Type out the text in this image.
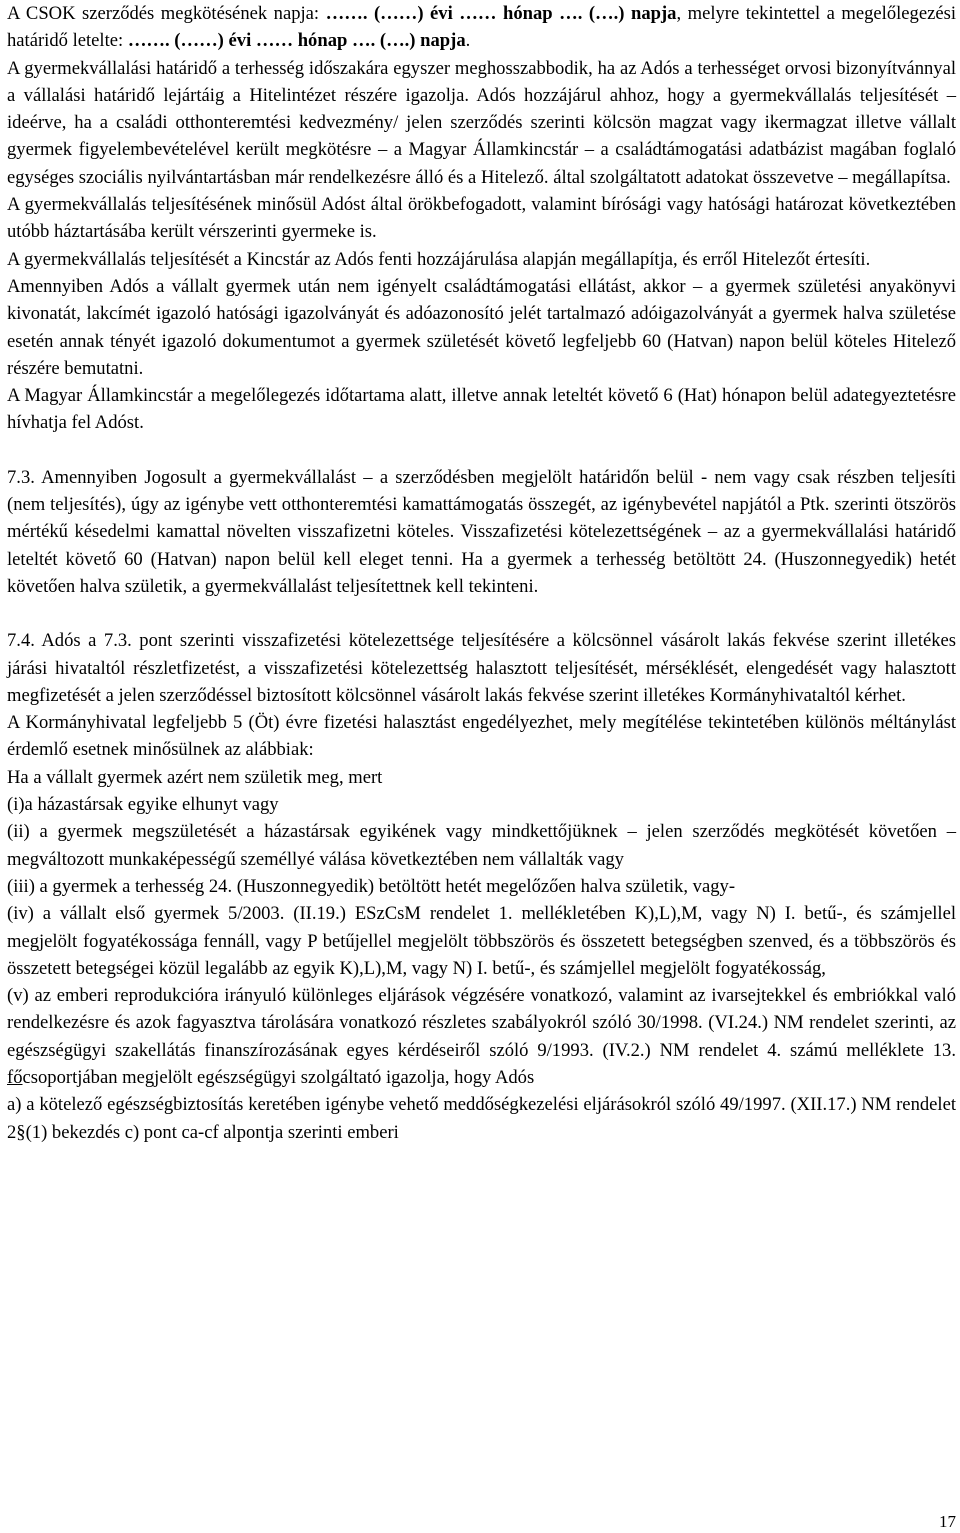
A CSOK szerződés megkötésének napja: ……. (……) évi …… hónap …. (….) napja, melyre tekintettel a megelőlegezési határidő letelte: ……. (……) évi …… hónap …. (….) napja.

A gyermekvállalási határidő a terhesség időszakára egyszer meghosszabbodik, ha az Adós a terhességet orvosi bizonyítvánnyal a vállalási határidő lejártáig a Hitelintézet részére igazolja. Adós hozzájárul ahhoz, hogy a gyermekvállalás teljesítését – ideérve, ha a családi otthonteremtési kedvezmény/ jelen szerződés szerinti kölcsön magzat vagy ikermagzat illetve vállalt gyermek figyelembevételével került megkötésre – a Magyar Államkincstár – a családtámogatási adatbázist magában foglaló egységes szociális nyilvántartásban már rendelkezésre álló és a Hitelező. által szolgáltatott adatokat összevetve – megállapítsa.

A gyermekvállalás teljesítésének minősül Adóst által örökbefogadott, valamint bírósági vagy hatósági határozat következtében utóbb háztartásába került vérszerinti gyermeke is.

A gyermekvállalás teljesítését a Kincstár az Adós fenti hozzájárulása alapján megállapítja, és erről Hitelezőt értesíti.

Amennyiben Adós a vállalt gyermek után nem igényelt családtámogatási ellátást, akkor – a gyermek születési anyakönyvi kivonatát, lakcímét igazoló hatósági igazolványát és adóazonosító jelét tartalmazó adóigazolványát a gyermek halva születése esetén annak tényét igazoló dokumentumot a gyermek születését követő legfeljebb 60 (Hatvan) napon belül köteles Hitelező részére bemutatni.

A Magyar Államkincstár a megelőlegezés időtartama alatt, illetve annak leteltét követő 6 (Hat) hónapon belül adategyeztetésre hívhatja fel Adóst.

7.3. Amennyiben Jogosult a gyermekvállalást – a szerződésben megjelölt határidőn belül - nem vagy csak részben teljesíti (nem teljesítés), úgy az igénybe vett otthonteremtési kamattámogatás összegét, az igénybevétel napjától a Ptk. szerinti ötszörös mértékű késedelmi kamattal növelten visszafizetni köteles. Visszafizetési kötelezettségének – az a gyermekvállalási határidő leteltét követő 60 (Hatvan) napon belül kell eleget tenni. Ha a gyermek a terhesség betöltött 24. (Huszonnegyedik) hetét követően halva születik, a gyermekvállalást teljesítettnek kell tekinteni.

7.4. Adós a 7.3. pont szerinti visszafizetési kötelezettsége teljesítésére a kölcsönnel vásárolt lakás fekvése szerint illetékes járási hivataltól részletfizetést, a visszafizetési kötelezettség halasztott teljesítését, mérséklését, elengedését vagy halasztott megfizetését a jelen szerződéssel biztosított kölcsönnel vásárolt lakás fekvése szerint illetékes Kormányhivataltól kérhet.

A Kormányhivatal legfeljebb 5 (Öt) évre fizetési halasztást engedélyezhet, mely megítélése tekintetében különös méltánylást érdemlő esetnek minősülnek az alábbiak:

Ha a vállalt gyermek azért nem születik meg, mert

(i)a házastársak egyike elhunyt vagy

(ii) a gyermek megszületését a házastársak egyikének vagy mindkettőjüknek – jelen szerződés megkötését követően – megváltozott munkaképességű személlyé válása következtében nem vállalták vagy

(iii) a gyermek a terhesség 24. (Huszonnegyedik) betöltött hetét megelőzően halva születik, vagy-

(iv) a vállalt első gyermek 5/2003. (II.19.) ESzCsM rendelet 1. mellékletében K),L),M, vagy N) I. betű-, és számjellel megjelölt fogyatékossága fennáll, vagy P betűjellel megjelölt többszörös és összetett betegségben szenved, és a többszörös és összetett betegségei közül legalább az egyik K),L),M, vagy N) I. betű-, és számjellel megjelölt fogyatékosság,

(v) az emberi reprodukcióra irányuló különleges eljárások végzésére vonatkozó, valamint az ivarsejtekkel és embriókkal való rendelkezésre és azok fagyasztva tárolására vonatkozó részletes szabályokról szóló 30/1998. (VI.24.) NM rendelet szerinti, az egészségügyi szakellátás finanszírozásának egyes kérdéseiről szóló 9/1993. (IV.2.) NM rendelet 4. számú melléklete 13. főcsoportjában megjelölt egészségügyi szolgáltató igazolja, hogy Adós

a) a kötelező egészségbiztosítás keretében igénybe vehető meddőségkezelési eljárásokról szóló 49/1997. (XII.17.) NM rendelet 2§(1) bekezdés c) pont ca-cf alpontja szerinti emberi

17
